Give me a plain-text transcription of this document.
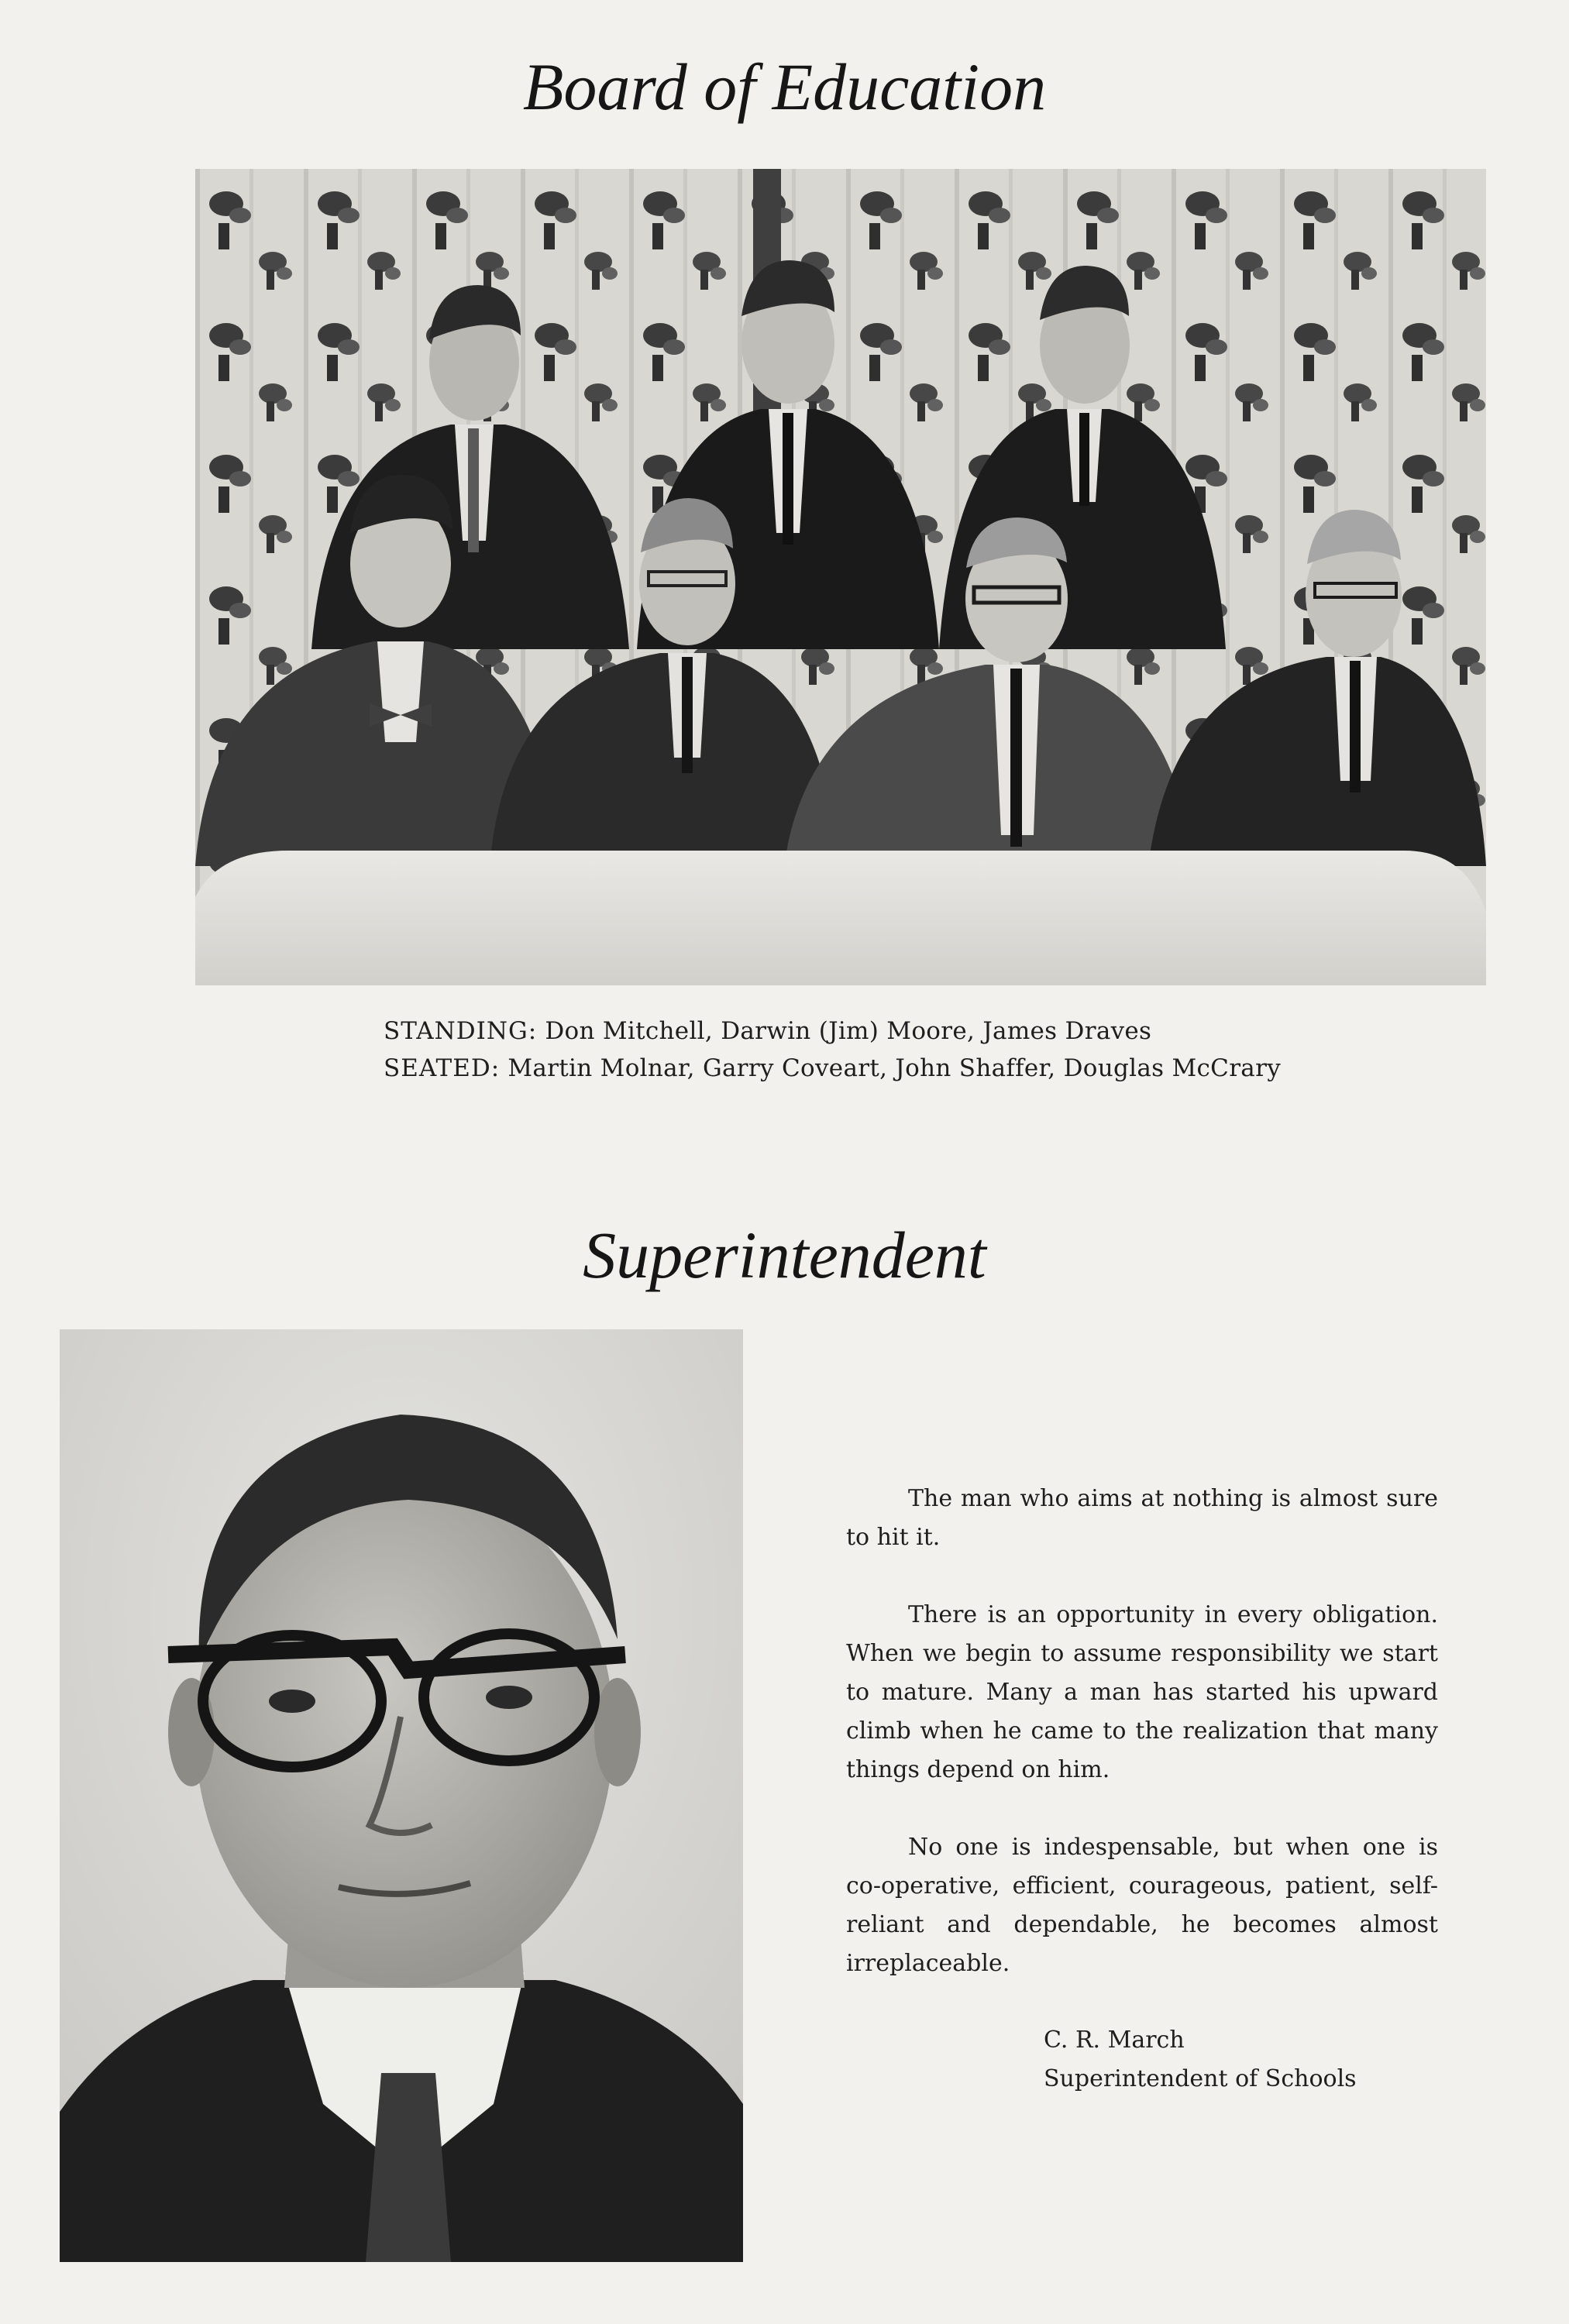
Board of Education
STANDING: Don Mitchell, Darwin (Jim) Moore, James Draves
SEATED: Martin Molnar, Garry Coveart, John Shaffer, Douglas McCrary
Superintendent

The man who aims at nothing is almost sure to hit it.

There is an opportunity in every obligation. When we begin to assume responsibility we start to mature. Many a man has started his upward climb when he came to the realization that many things depend on him.

No one is indespensable, but when one is co-operative, efficient, courageous, patient, self-reliant and dependable, he becomes almost irreplaceable.

C. R. March
Superintendent of Schools
